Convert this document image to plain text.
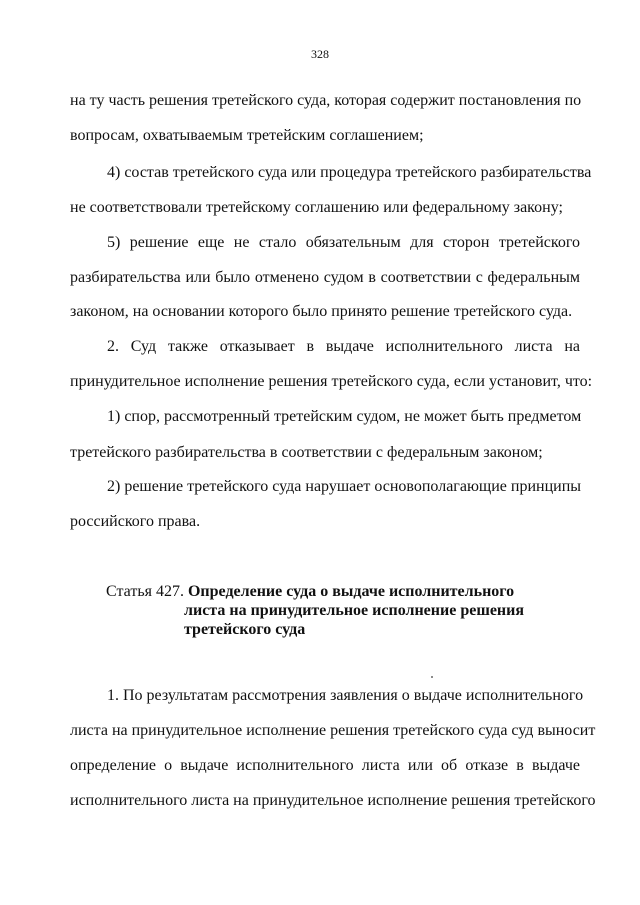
328
на ту часть решения третейского суда, которая содержит постановления по
вопросам, охватываемым третейским соглашением;
4) состав третейского суда или процедура третейского разбирательства
не соответствовали третейскому соглашению или федеральному закону;
5) решение еще не стало обязательным для сторон третейского
разбирательства или было отменено судом в соответствии с федеральным
законом, на основании которого было принято решение третейского суда.
2. Суд также отказывает в выдаче исполнительного листа на
принудительное исполнение решения третейского суда, если установит, что:
1) спор, рассмотренный третейским судом, не может быть предметом
третейского разбирательства в соответствии с федеральным законом;
2) решение третейского суда нарушает основополагающие принципы
российского права.
Статья 427. Определение суда о выдаче исполнительного
листа на принудительное исполнение решения
третейского суда
1. По результатам рассмотрения заявления о выдаче исполнительного
листа на принудительное исполнение решения третейского суда суд выносит
определение о выдаче исполнительного листа или об отказе в выдаче
исполнительного листа на принудительное исполнение решения третейского
